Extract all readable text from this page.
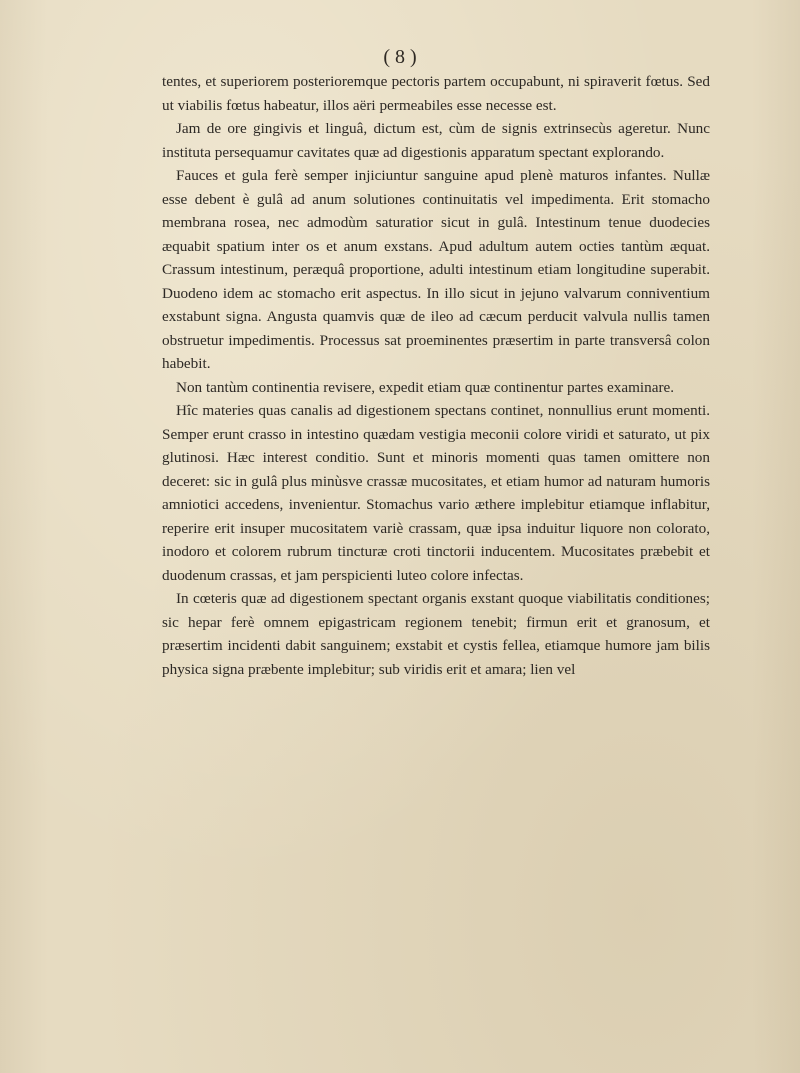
( 8 )

tentes, et superiorem posterioremque pectoris partem occupabunt, ni spiraverit fœtus. Sed ut viabilis fœtus habeatur, illos aëri permeabiles esse necesse est.

Jam de ore gingivis et linguâ, dictum est, cùm de signis extrinsecùs ageretur. Nunc instituta persequamur cavitates quæ ad digestionis apparatum spectant explorando.

Fauces et gula ferè semper injiciuntur sanguine apud plenè maturos infantes. Nullæ esse debent è gulâ ad anum solutiones continuitatis vel impedimenta. Erit stomacho membrana rosea, nec admodùm saturatior sicut in gulâ. Intestinum tenue duodecies æquabit spatium inter os et anum exstans. Apud adultum autem octies tantùm æquat. Crassum intestinum, peræquâ proportione, adulti intestinum etiam longitudine superabit. Duodeno idem ac stomacho erit aspectus. In illo sicut in jejuno valvarum conniventium exstabunt signa. Angusta quamvis quæ de ileo ad cæcum perducit valvula nullis tamen obstruetur impedimentis. Processus sat proeminentes præsertim in parte transversâ colon habebit.

Non tantùm continentia revisere, expedit etiam quæ continentur partes examinare.

Hîc materies quas canalis ad digestionem spectans continet, nonnullius erunt momenti. Semper erunt crasso in intestino quædam vestigia meconii colore viridi et saturato, ut pix glutinosi. Hæc interest conditio. Sunt et minoris momenti quas tamen omittere non deceret: sic in gulâ plus minùsve crassæ mucositates, et etiam humor ad naturam humoris amniotici accedens, invenientur. Stomachus vario æthere implebitur etiamque inflabitur, reperire erit insuper mucositatem variè crassam, quæ ipsa induitur liquore non colorato, inodoro et colorem rubrum tincturæ croti tinctorii inducentem. Mucositates præbebit et duodenum crassas, et jam perspicienti luteo colore infectas.

In cœteris quæ ad digestionem spectant organis exstant quoque viabilitatis conditiones; sic hepar ferè omnem epigastricam regionem tenebit; firmun erit et granosum, et præsertim incidenti dabit sanguinem; exstabit et cystis fellea, etiamque humore jam bilis physica signa præbente implebitur; sub viridis erit et amara; lien vel
